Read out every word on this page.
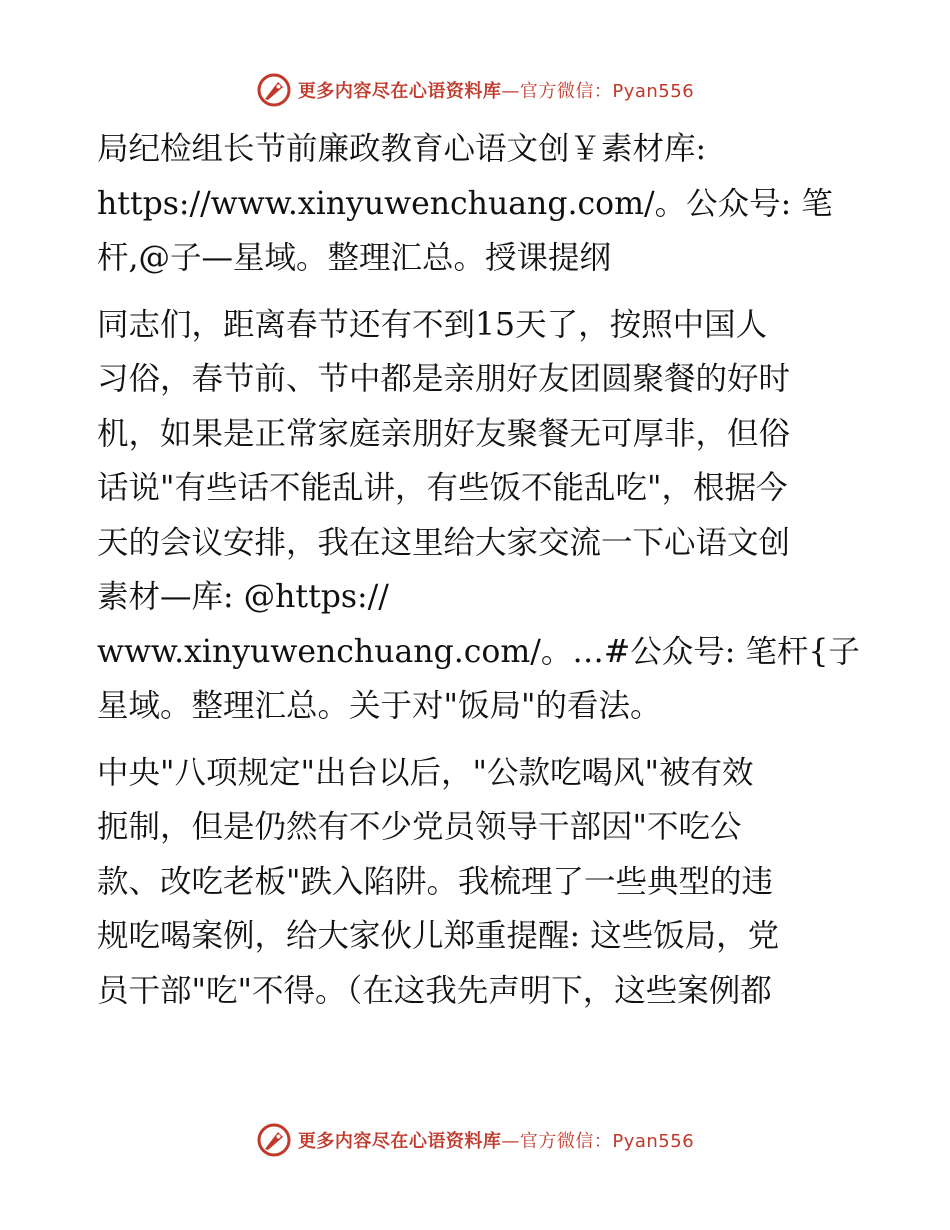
更多内容尽在心语资料库—官方微信：Pyan556

局纪检组长节前廉政教育心语文创￥素材库:
https://www.xinyuwenchuang.com/。公众号: 笔
杆,@子—星域。整理汇总。授课提纲

同志们，距离春节还有不到15天了，按照中国人
习俗，春节前、节中都是亲朋好友团圆聚餐的好时
机，如果是正常家庭亲朋好友聚餐无可厚非，但俗
话说"有些话不能乱讲，有些饭不能乱吃"，根据今
天的会议安排，我在这里给大家交流一下心语文创
素材—库: @https://
www.xinyuwenchuang.com/。…#公众号: 笔杆{子
星域。整理汇总。关于对"饭局"的看法。

中央"八项规定"出台以后，"公款吃喝风"被有效
扼制，但是仍然有不少党员领导干部因"不吃公
款、改吃老板"跌入陷阱。我梳理了一些典型的违
规吃喝案例，给大家伙儿郑重提醒: 这些饭局，党
员干部"吃"不得。（在这我先声明下，这些案例都

更多内容尽在心语资料库—官方微信：Pyan556
